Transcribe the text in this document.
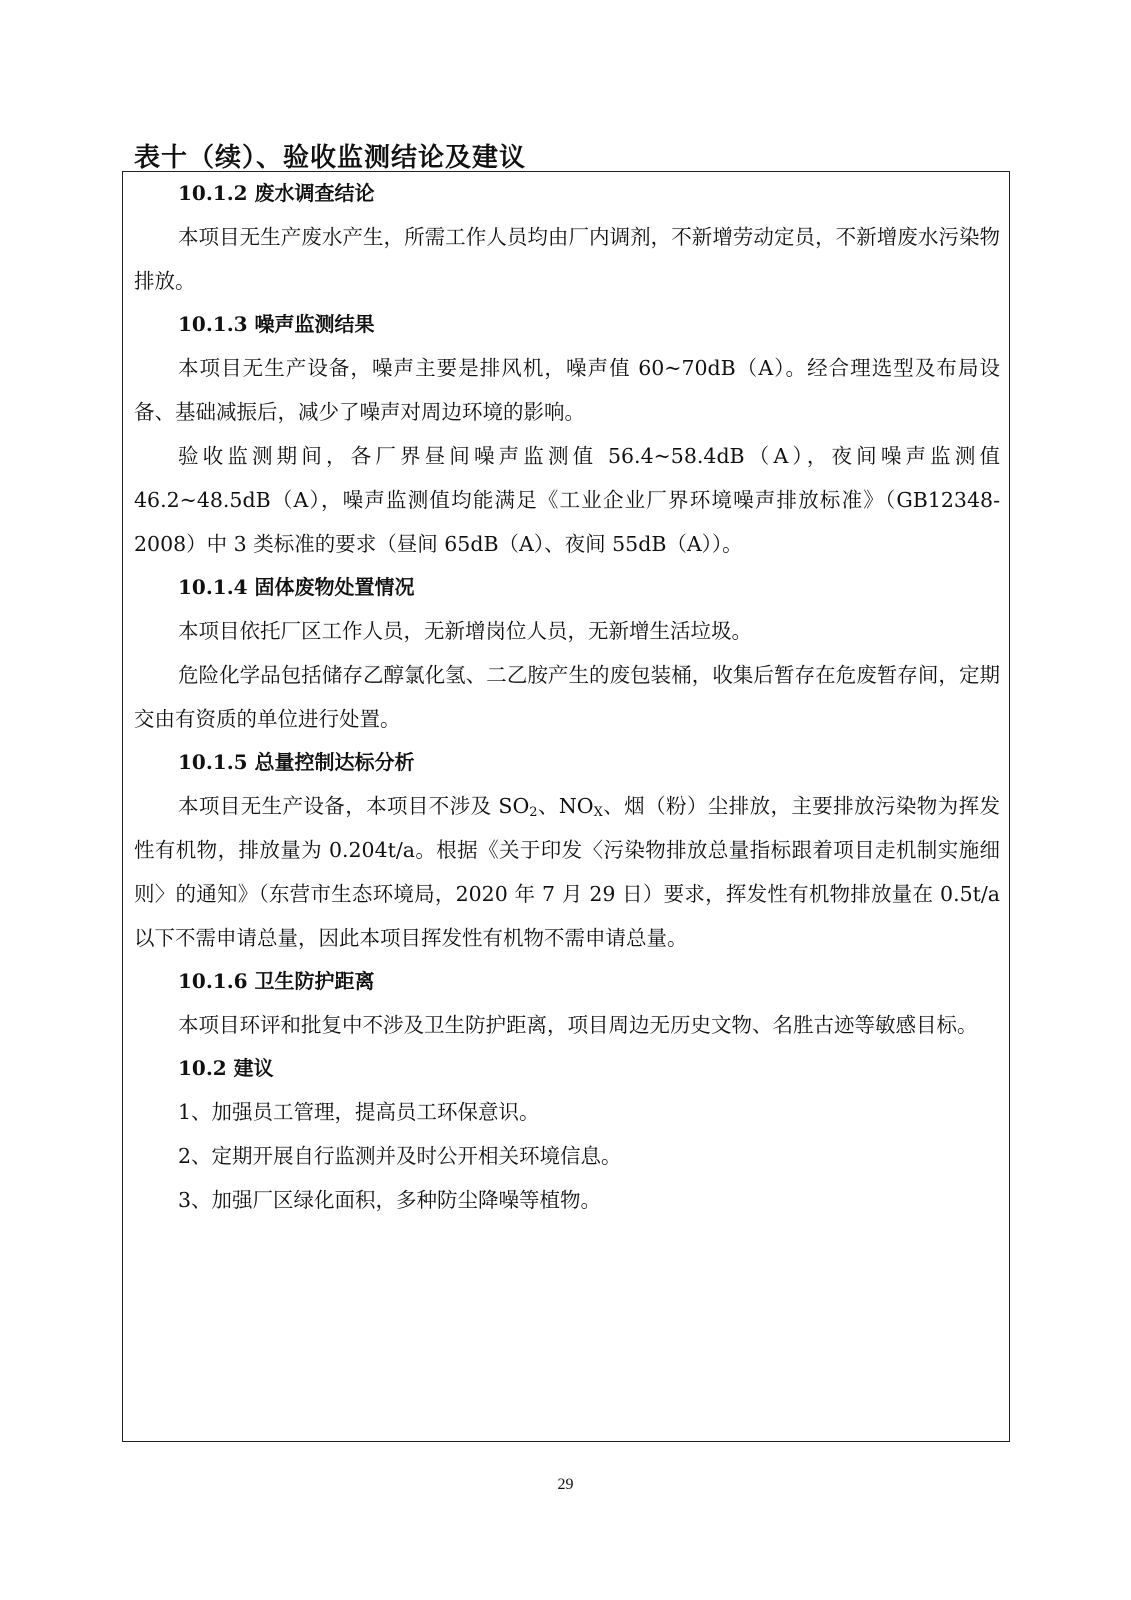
表十（续）、验收监测结论及建议
10.1.2 废水调查结论

本项目无生产废水产生，所需工作人员均由厂内调剂，不新增劳动定员，不新增废水污染物排放。

10.1.3 噪声监测结果

本项目无生产设备，噪声主要是排风机，噪声值 60~70dB（A）。经合理选型及布局设备、基础减振后，减少了噪声对周边环境的影响。

验收监测期间，各厂界昼间噪声监测值 56.4~58.4dB（A），夜间噪声监测值 46.2~48.5dB（A），噪声监测值均能满足《工业企业厂界环境噪声排放标准》（GB12348-2008）中 3 类标准的要求（昼间 65dB（A）、夜间 55dB（A））。

10.1.4 固体废物处置情况

本项目依托厂区工作人员，无新增岗位人员，无新增生活垃圾。

危险化学品包括储存乙醇氯化氢、二乙胺产生的废包装桶，收集后暂存在危废暂存间，定期交由有资质的单位进行处置。

10.1.5 总量控制达标分析

本项目无生产设备，本项目不涉及 $SO_2$、$NO_X$、烟（粉）尘排放，主要排放污染物为挥发性有机物，排放量为 0.204t/a。根据《关于印发〈污染物排放总量指标跟着项目走机制实施细则〉的通知》（东营市生态环境局，2020 年 7 月 29 日）要求，挥发性有机物排放量在 0.5t/a 以下不需申请总量，因此本项目挥发性有机物不需申请总量。

10.1.6 卫生防护距离

本项目环评和批复中不涉及卫生防护距离，项目周边无历史文物、名胜古迹等敏感目标。

10.2 建议

1、加强员工管理，提高员工环保意识。

2、定期开展自行监测并及时公开相关环境信息。

3、加强厂区绿化面积，多种防尘降噪等植物。

29
